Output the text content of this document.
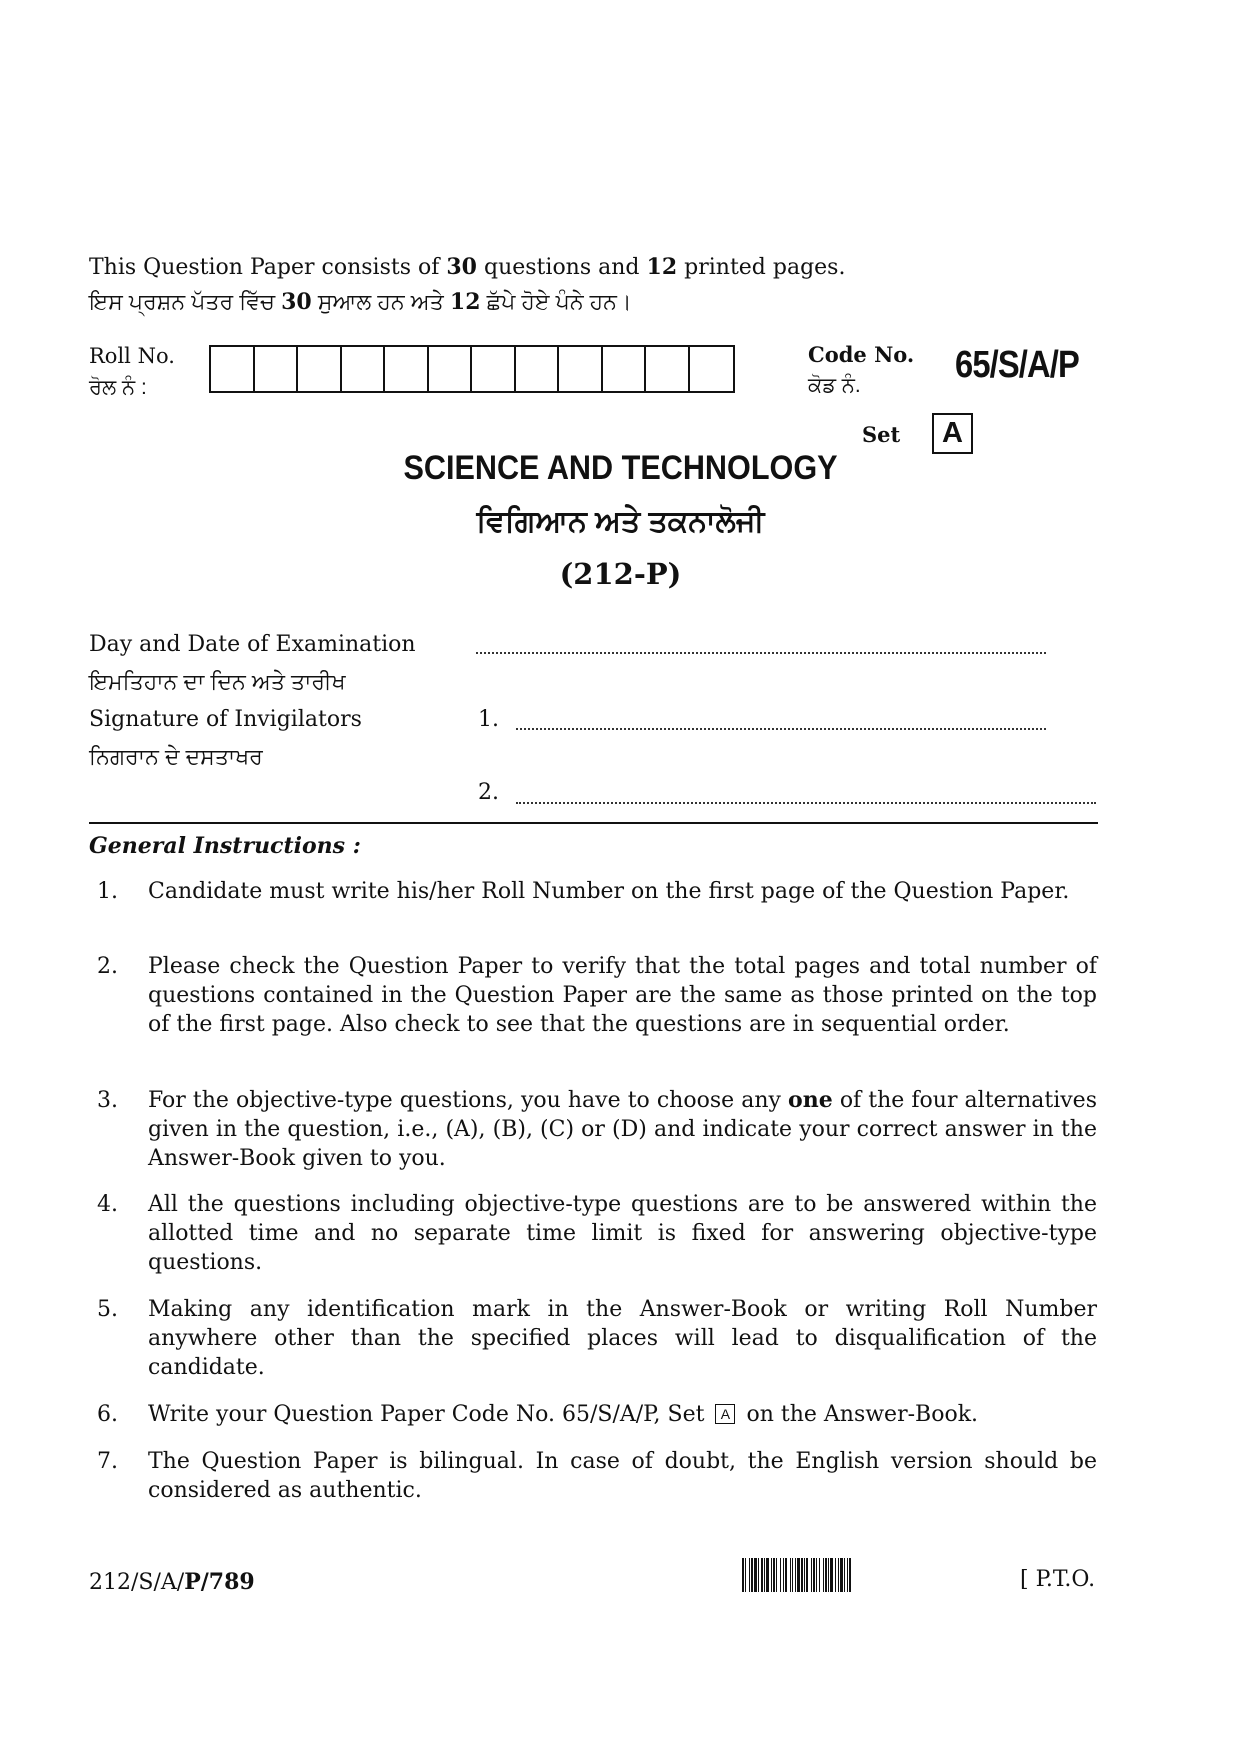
This Question Paper consists of 30 questions and 12 printed pages.
ਇਸ ਪ੍ਰਸ਼ਨ ਪੱਤਰ ਵਿੱਚ 30 ਸੁਆਲ ਹਨ ਅਤੇ 12 ਛੱਪੇ ਹੋਏ ਪੰਨੇ ਹਨ।
Roll No.
ਰੋਲ ਨੰ :
Code No.
ਕੋਡ ਨੰ.	65/S/A/P
Set	A
SCIENCE AND TECHNOLOGY
ਵਿਗਿਆਨ ਅਤੇ ਤਕਨਾਲੋਜੀ
(212-P)
Day and Date of Examination
ਇਮਤਿਹਾਨ ਦਾ ਦਿਨ ਅਤੇ ਤਾਰੀਖ
Signature of Invigilators	1.
ਨਿਗਰਾਨ ਦੇ ਦਸਤਾਖਰ
2.
General Instructions :
1.	Candidate must write his/her Roll Number on the first page of the Question Paper.
2.	Please check the Question Paper to verify that the total pages and total number of questions contained in the Question Paper are the same as those printed on the top of the first page. Also check to see that the questions are in sequential order.
3.	For the objective-type questions, you have to choose any one of the four alternatives given in the question, i.e., (A), (B), (C) or (D) and indicate your correct answer in the Answer-Book given to you.
4.	All the questions including objective-type questions are to be answered within the allotted time and no separate time limit is fixed for answering objective-type questions.
5.	Making any identification mark in the Answer-Book or writing Roll Number anywhere other than the specified places will lead to disqualification of the candidate.
6.	Write your Question Paper Code No. 65/S/A/P, Set A on the Answer-Book.
7.	The Question Paper is bilingual. In case of doubt, the English version should be considered as authentic.
212/S/A/P/789	[ P.T.O.
